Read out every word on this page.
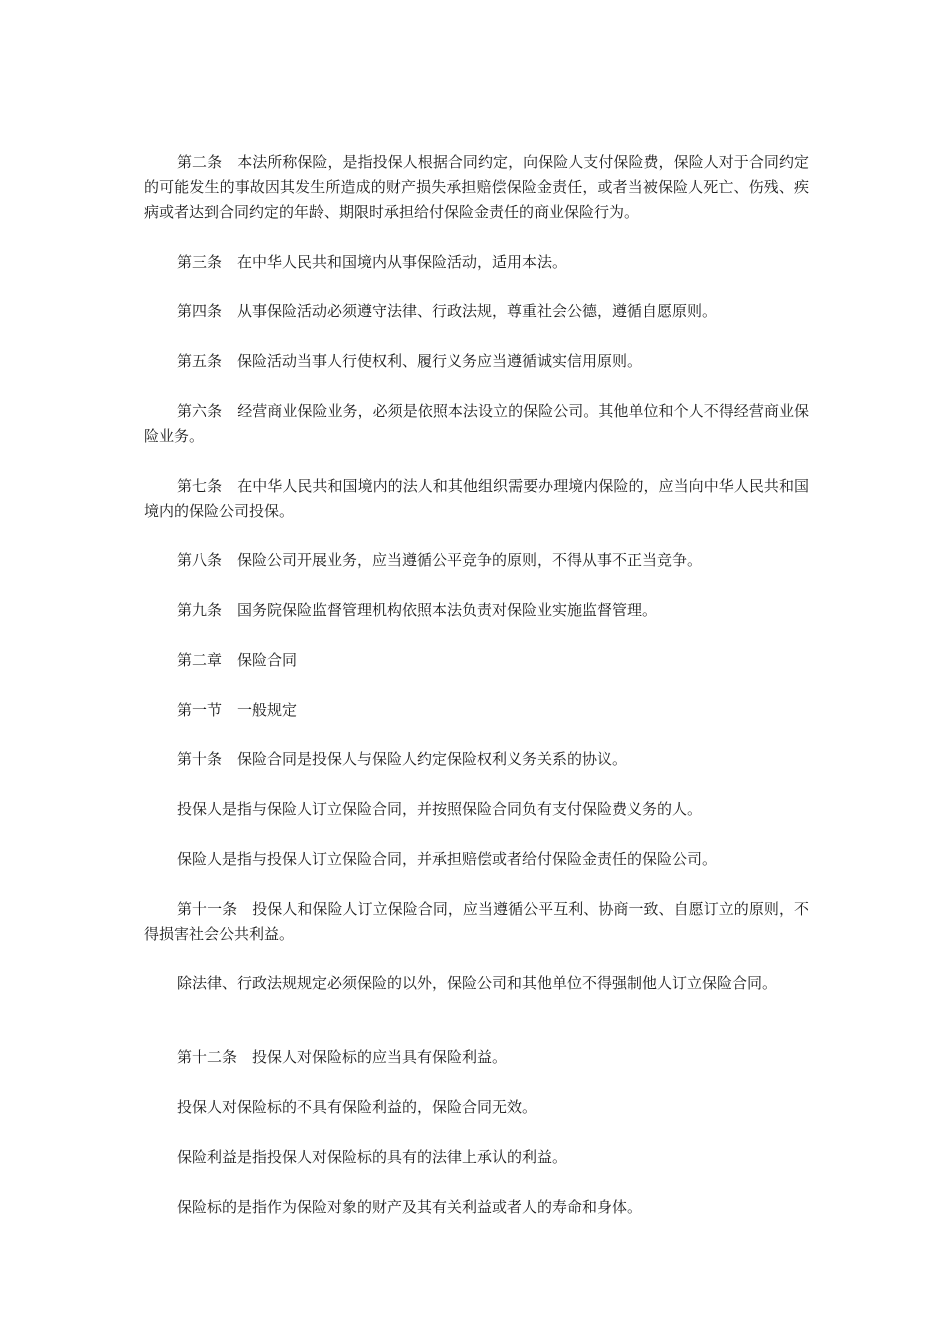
第二条　本法所称保险，是指投保人根据合同约定，向保险人支付保险费，保险人对于合同约定的可能发生的事故因其发生所造成的财产损失承担赔偿保险金责任，或者当被保险人死亡、伤残、疾病或者达到合同约定的年龄、期限时承担给付保险金责任的商业保险行为。

第三条　在中华人民共和国境内从事保险活动，适用本法。

第四条　从事保险活动必须遵守法律、行政法规，尊重社会公德，遵循自愿原则。

第五条　保险活动当事人行使权利、履行义务应当遵循诚实信用原则。

第六条　经营商业保险业务，必须是依照本法设立的保险公司。其他单位和个人不得经营商业保险业务。

第七条　在中华人民共和国境内的法人和其他组织需要办理境内保险的，应当向中华人民共和国境内的保险公司投保。

第八条　保险公司开展业务，应当遵循公平竞争的原则，不得从事不正当竞争。

第九条　国务院保险监督管理机构依照本法负责对保险业实施监督管理。

第二章　保险合同

第一节　一般规定

第十条　保险合同是投保人与保险人约定保险权利义务关系的协议。

投保人是指与保险人订立保险合同，并按照保险合同负有支付保险费义务的人。

保险人是指与投保人订立保险合同，并承担赔偿或者给付保险金责任的保险公司。

第十一条　投保人和保险人订立保险合同，应当遵循公平互利、协商一致、自愿订立的原则，不得损害社会公共利益。

除法律、行政法规规定必须保险的以外，保险公司和其他单位不得强制他人订立保险合同。

第十二条　投保人对保险标的应当具有保险利益。

投保人对保险标的不具有保险利益的，保险合同无效。

保险利益是指投保人对保险标的具有的法律上承认的利益。

保险标的是指作为保险对象的财产及其有关利益或者人的寿命和身体。
